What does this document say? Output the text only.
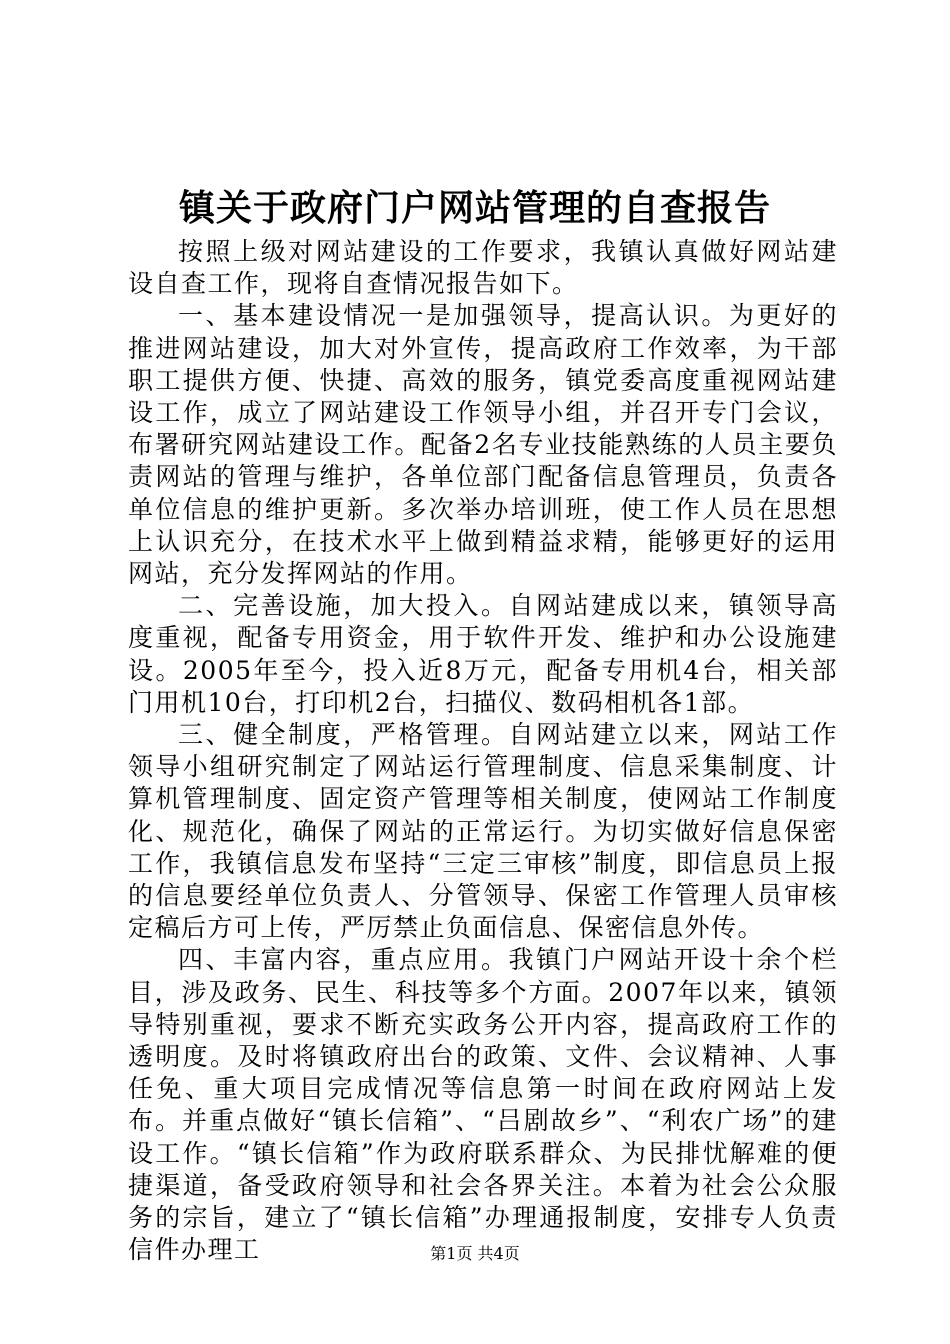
镇关于政府门户网站管理的自查报告

按照上级对网站建设的工作要求，我镇认真做好网站建设自查工作，现将自查情况报告如下。

一、基本建设情况一是加强领导，提高认识。为更好的推进网站建设，加大对外宣传，提高政府工作效率，为干部职工提供方便、快捷、高效的服务，镇党委高度重视网站建设工作，成立了网站建设工作领导小组，并召开专门会议，布署研究网站建设工作。配备2名专业技能熟练的人员主要负责网站的管理与维护，各单位部门配备信息管理员，负责各单位信息的维护更新。多次举办培训班，使工作人员在思想上认识充分，在技术水平上做到精益求精，能够更好的运用网站，充分发挥网站的作用。

二、完善设施，加大投入。自网站建成以来，镇领导高度重视，配备专用资金，用于软件开发、维护和办公设施建设。2005年至今，投入近8万元，配备专用机4台，相关部门用机10台，打印机2台，扫描仪、数码相机各1部。

三、健全制度，严格管理。自网站建立以来，网站工作领导小组研究制定了网站运行管理制度、信息采集制度、计算机管理制度、固定资产管理等相关制度，使网站工作制度化、规范化，确保了网站的正常运行。为切实做好信息保密工作，我镇信息发布坚持“三定三审核”制度，即信息员上报的信息要经单位负责人、分管领导、保密工作管理人员审核定稿后方可上传，严厉禁止负面信息、保密信息外传。

四、丰富内容，重点应用。我镇门户网站开设十余个栏目，涉及政务、民生、科技等多个方面。2007年以来，镇领导特别重视，要求不断充实政务公开内容，提高政府工作的透明度。及时将镇政府出台的政策、文件、会议精神、人事任免、重大项目完成情况等信息第一时间在政府网站上发布。并重点做好“镇长信箱”、“吕剧故乡”、“利农广场”的建设工作。“镇长信箱”作为政府联系群众、为民排忧解难的便捷渠道，备受政府领导和社会各界关注。本着为社会公众服务的宗旨，建立了“镇长信箱”办理通报制度，安排专人负责信件办理工	第1页 共4页
